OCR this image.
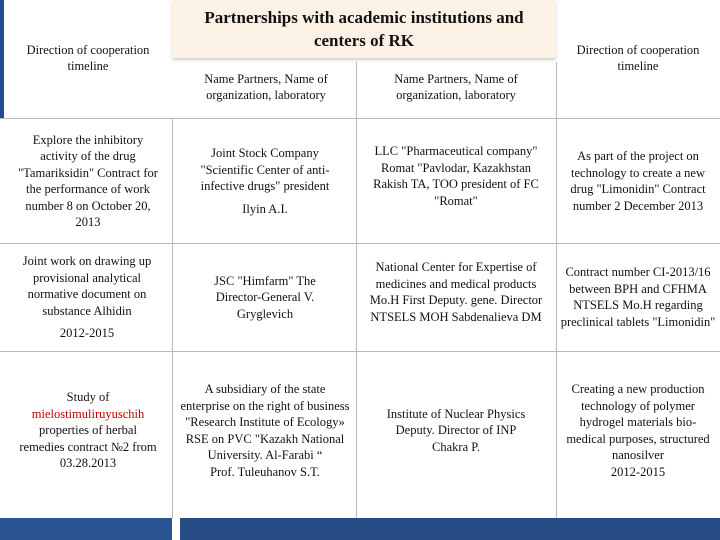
Partnerships with academic institutions and centers of RK
Direction of cooperation timeline
Name Partners, Name of organization, laboratory
Name Partners, Name of organization, laboratory
Direction of cooperation timeline
Explore the inhibitory activity of the drug "Tamariksidin" Contract for the performance of work number 8 on October 20, 2013
Joint Stock Company "Scientific Center of anti-infective drugs" president
Ilyin A.I.
LLC "Pharmaceutical company" Romat "Pavlodar, Kazakhstan Rakish TA, TOO president of FC "Romat"
As part of the project on technology to create a new drug "Limonidin" Contract number 2 December 2013
Joint work on drawing up provisional analytical normative document on substance Alhidin
2012-2015
JSC "Himfarm" The Director-General V. Gryglevich
National Center for Expertise of medicines and medical products Mo.H First Deputy. gene. Director NTSELS MOH Sabdenalieva DM
Contract number CI-2013/16 between BPH and CFHMA NTSELS Mo.H regarding preclinical tablets "Limonidin"
Study of
mielostimuliruyuschih
properties of herbal remedies contract №2 from 03.28.2013
A subsidiary of the state enterprise on the right of business "Research Institute of Ecology» RSE on PVC "Kazakh National University. Al-Farabi “
Prof. Tuleuhanov S.T.
Institute of Nuclear Physics Deputy. Director of INP Chakra P.
Creating a new production technology of polymer hydrogel materials bio-medical purposes, structured nanosilver
2012-2015
